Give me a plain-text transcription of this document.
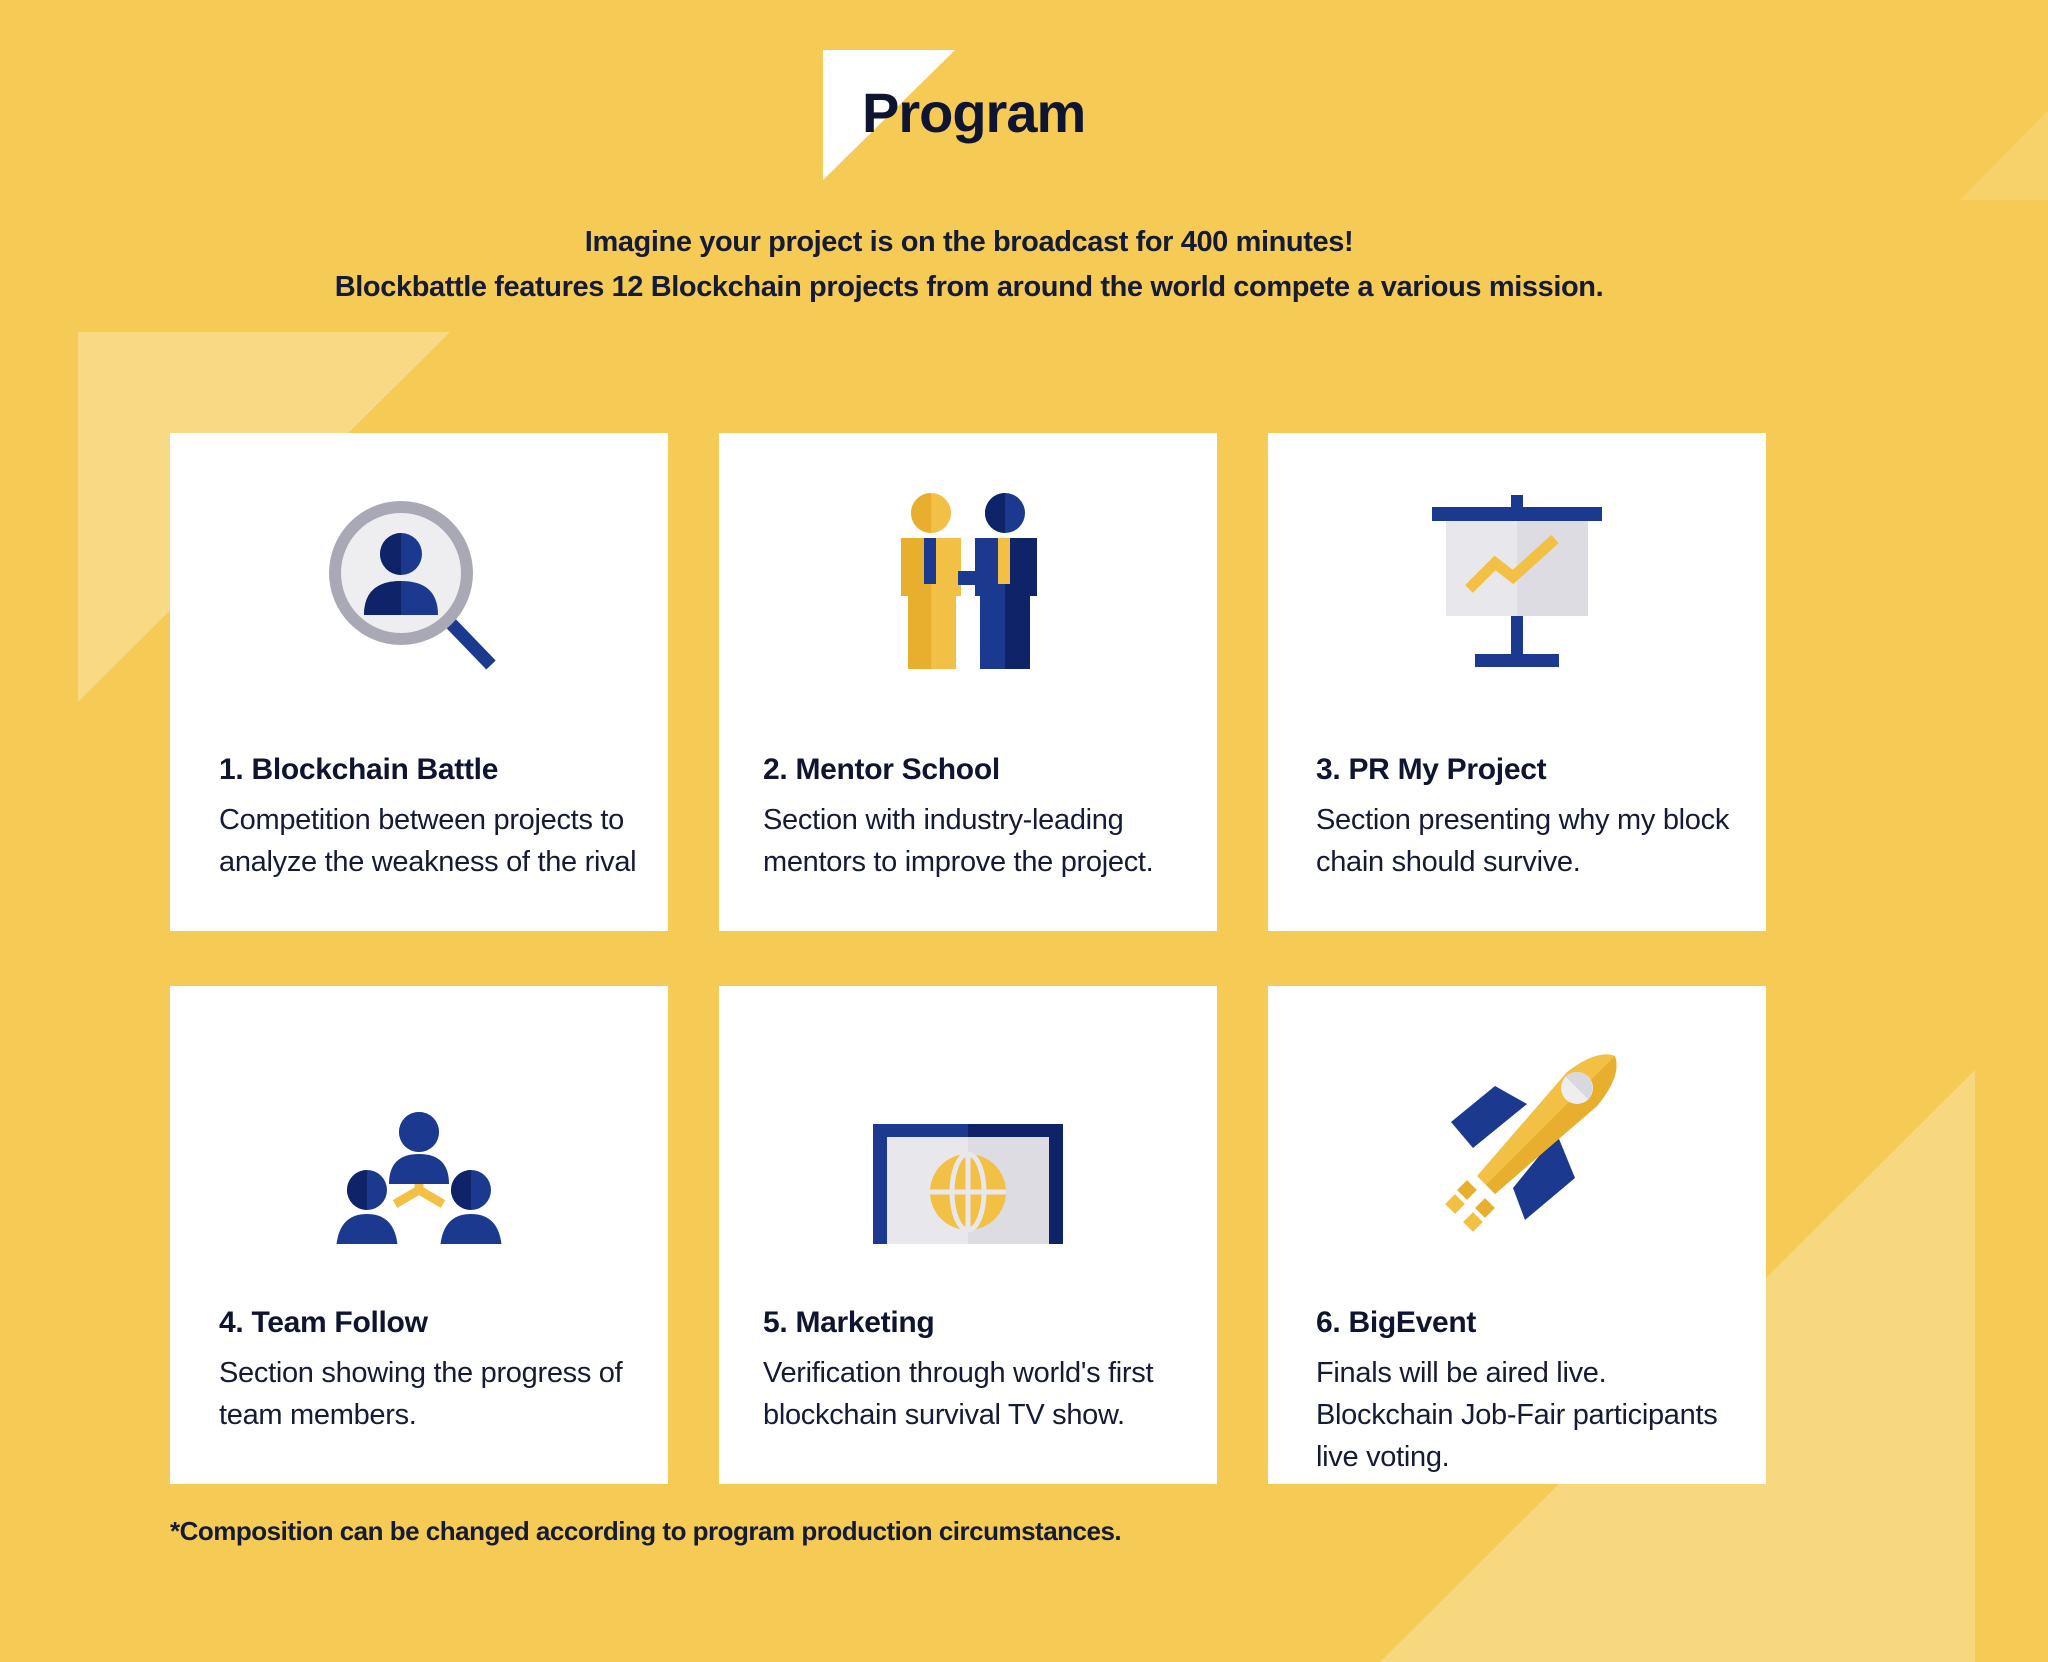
Program

Imagine your project is on the broadcast for 400 minutes!

Blockbattle features 12 Blockchain projects from around the world compete a various mission.

1. Blockchain Battle

Competition between projects to analyze the weakness of the rival

2. Mentor School

Section with industry-leading mentors to improve the project.

3. PR My Project

Section presenting why my block chain should survive.

4. Team Follow

Section showing the progress of team members.

5. Marketing

Verification through world's first blockchain survival TV show.

6. BigEvent

Finals will be aired live. Blockchain Job-Fair participants live voting.

*Composition can be changed according to program production circumstances.
